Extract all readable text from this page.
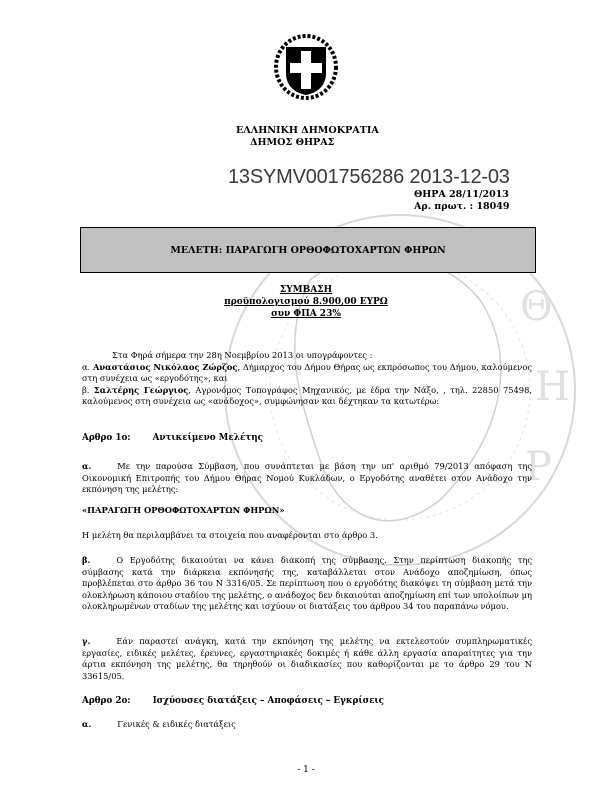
Θ
Η
Ρ
ΕΛΛΗΝΙΚΗ ΔΗΜΟΚΡΑΤΙΑ
ΔΗΜΟΣ ΘΗΡΑΣ
13SYMV001756286 2013-12-03
ΘΗΡΑ 28/11/2013
Αρ. πρωτ. : 18049
ΜΕΛΕΤΗ: ΠΑΡΑΓΩΓΗ ΟΡΘΟΦΩΤΟΧΑΡΤΩΝ ΦΗΡΩΝ
ΣΥΜΒΑΣΗ
προϋπολογισμού 8.900,00 ΕΥΡΩ
συν ΦΠΑ 23%
Στα Φηρά σήμερα την 28η Νοεμβρίου 2013 οι υπογράφοντες :
α. Αναστάσιος Νικόλαος Ζώρζος, Δήμαρχος του Δήμου Θήρας ως εκπρόσωπος του Δήμου, καλούμενος στη συνέχεια ως «εργοδότης», και
β. Σαλτέρης Γεώργιος, Αγρονόμος Τοπογράφος Μηχανικός, με έδρα την Νάξο, , τηλ. 22850 75498, καλούμενος στη συνέχεια ως «ανάδοχος», συμφώνησαν και δέχτηκαν τα κατωτέρω:
Αρθρο 1ο:	Αντικείμενο Μελέτης
α.	Με την παρούσα Σύμβαση, που συνάπτεται με βάση την υπ' αριθμό 79/2013 απόφαση της Οικονομική Επιτροπής του Δήμου Θήρας Νομού Κυκλάδων, ο Εργοδότης αναθέτει στον Ανάδοχο την εκπόνηση της μελέτης:
«ΠΑΡΑΓΩΓΗ ΟΡΘΟΦΩΤΟΧΑΡΤΩΝ ΦΗΡΩΝ»
Η μελέτη θα περιλαμβάνει τα στοιχεία που αναφέρονται στο άρθρο 3.
β.	Ο Εργοδότης δικαιούται να κάνει διακοπή της σύμβασης. Στην περίπτωση διακοπής της σύμβασης κατά την διάρκεια εκπόνησής της, καταβάλλεται στον Ανάδοχο αποζημίωση, όπως προβλέπεται στο άρθρο 36 του Ν 3316/05. Σε περίπτωση που ο εργοδότης διακόψει τη σύμβαση μετά την ολοκλήρωση κάποιου σταδίου της μελέτης, ο ανάδοχος δεν δικαιούται αποζημίωση επί των υπολοίπων μη ολοκληρωμένων σταδίων της μελέτης και ισχύουν οι διατάξεις του άρθρου 34 του παραπάνω νόμου.
γ.	Εάν παραστεί ανάγκη, κατά την εκπόνηση της μελέτης να εκτελεστούν συμπληρωματικές εργασίες, ειδικές μελέτες, έρευνες, εργαστηριακές δοκιμές ή κάθε άλλη εργασία απαραίτητες για την άρτια εκπόνηση της μελέτης, θα τηρηθούν οι διαδικασίες που καθορίζονται με το άρθρο 29 του Ν 33615/05.
Αρθρο 2ο:	Ισχύουσες διατάξεις – Αποφάσεις – Εγκρίσεις
α.	Γενικές & ειδικές διατάξεις
- 1 -
